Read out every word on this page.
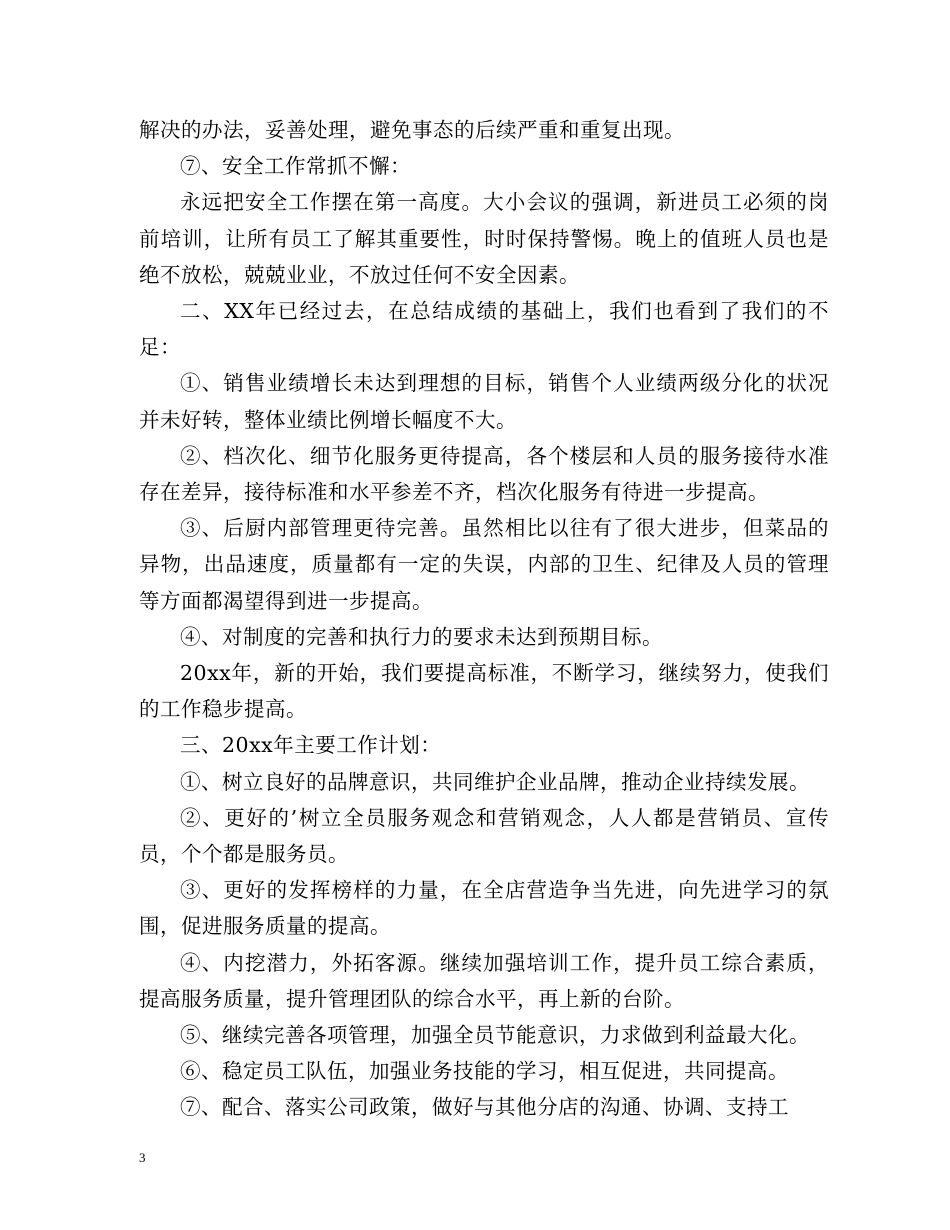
解决的办法，妥善处理，避免事态的后续严重和重复出现。

⑦、安全工作常抓不懈：

永远把安全工作摆在第一高度。大小会议的强调，新进员工必须的岗前培训，让所有员工了解其重要性，时时保持警惕。晚上的值班人员也是绝不放松，兢兢业业，不放过任何不安全因素。

二、XX年已经过去，在总结成绩的基础上，我们也看到了我们的不足：

①、销售业绩增长未达到理想的目标，销售个人业绩两级分化的状况并未好转，整体业绩比例增长幅度不大。

②、档次化、细节化服务更待提高，各个楼层和人员的服务接待水准存在差异，接待标准和水平参差不齐，档次化服务有待进一步提高。

③、后厨内部管理更待完善。虽然相比以往有了很大进步，但菜品的异物，出品速度，质量都有一定的失误，内部的卫生、纪律及人员的管理等方面都渴望得到进一步提高。

④、对制度的完善和执行力的要求未达到预期目标。

20xx年，新的开始，我们要提高标准，不断学习，继续努力，使我们的工作稳步提高。

三、20xx年主要工作计划：

①、树立良好的品牌意识，共同维护企业品牌，推动企业持续发展。

②、更好的’树立全员服务观念和营销观念，人人都是营销员、宣传员，个个都是服务员。

③、更好的发挥榜样的力量，在全店营造争当先进，向先进学习的氛围，促进服务质量的提高。

④、内挖潜力，外拓客源。继续加强培训工作，提升员工综合素质，提高服务质量，提升管理团队的综合水平，再上新的台阶。

⑤、继续完善各项管理，加强全员节能意识，力求做到利益最大化。

⑥、稳定员工队伍，加强业务技能的学习，相互促进，共同提高。

⑦、配合、落实公司政策，做好与其他分店的沟通、协调、支持工

3
